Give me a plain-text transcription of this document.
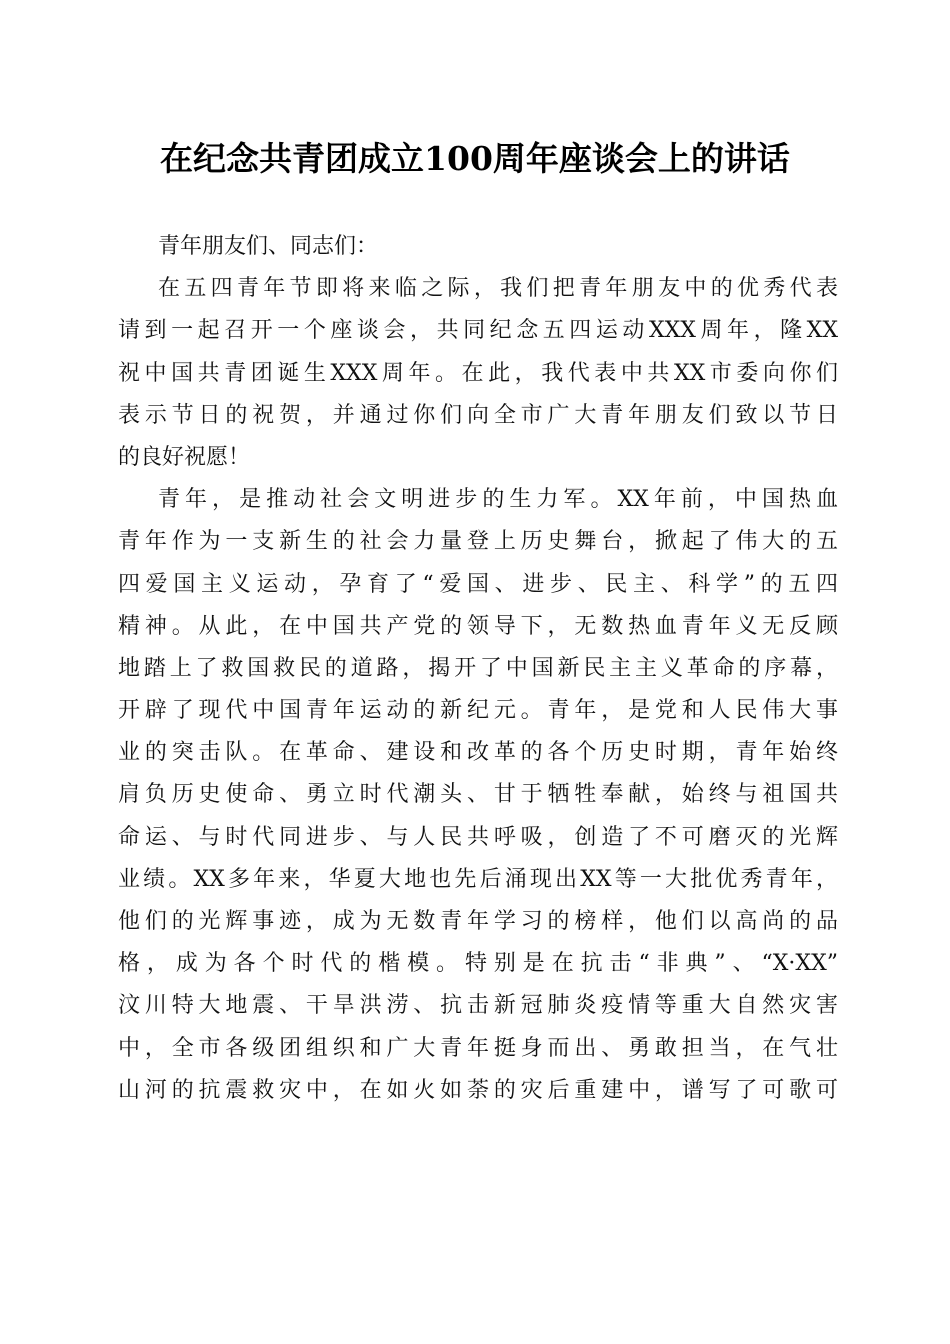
在纪念共青团成立100周年座谈会上的讲话
青年朋友们、同志们：
在五四青年节即将来临之际，我们把青年朋友中的优秀代表
请到一起召开一个座谈会，共同纪念五四运动XXX周年，隆XX
祝中国共青团诞生XXX周年。在此，我代表中共XX市委向你们
表示节日的祝贺，并通过你们向全市广大青年朋友们致以节日
的良好祝愿！
青年，是推动社会文明进步的生力军。XX年前，中国热血
青年作为一支新生的社会力量登上历史舞台，掀起了伟大的五
四爱国主义运动，孕育了“爱国、进步、民主、科学”的五四
精神。从此，在中国共产党的领导下，无数热血青年义无反顾
地踏上了救国救民的道路，揭开了中国新民主主义革命的序幕，
开辟了现代中国青年运动的新纪元。青年，是党和人民伟大事
业的突击队。在革命、建设和改革的各个历史时期，青年始终
肩负历史使命、勇立时代潮头、甘于牺牲奉献，始终与祖国共
命运、与时代同进步、与人民共呼吸，创造了不可磨灭的光辉
业绩。XX多年来，华夏大地也先后涌现出XX等一大批优秀青年，
他们的光辉事迹，成为无数青年学习的榜样，他们以高尚的品
格，成为各个时代的楷模。特别是在抗击“非典”、“X·XX”
汶川特大地震、干旱洪涝、抗击新冠肺炎疫情等重大自然灾害
中，全市各级团组织和广大青年挺身而出、勇敢担当，在气壮
山河的抗震救灾中，在如火如荼的灾后重建中，谱写了可歌可
